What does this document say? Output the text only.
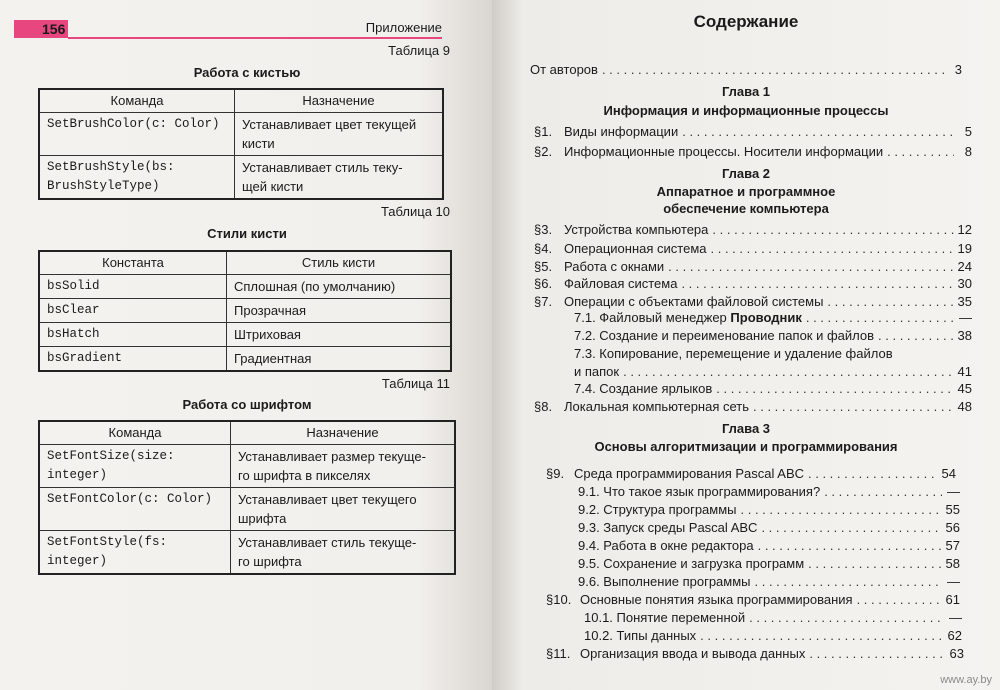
156	Приложение
Таблица 9
Работа с кистью
Команда	Назначение
SetBrushColor(c: Color)	Устанавливает цвет текущей
кисти
SetBrushStyle(bs:
BrushStyleType)	Устанавливает стиль теку-
щей кисти
Таблица 10
Стили кисти
Константа	Стиль кисти
bsSolid	Сплошная (по умолчанию)
bsClear	Прозрачная
bsHatch	Штриховая
bsGradient	Градиентная
Таблица 11
Работа со шрифтом
Команда	Назначение
SetFontSize(size:
integer)	Устанавливает размер текуще-
го шрифта в пикселях
SetFontColor(c: Color)	Устанавливает цвет текущего
шрифта
SetFontStyle(fs:
integer)	Устанавливает стиль текуще-
го шрифта
Содержание
От авторов . . .	3
Глава 1
Информация и информационные процессы
§1. Виды информации . . .	5
§2. Информационные процессы. Носители информации . . .	8
Глава 2
Аппаратное и программное
обеспечение компьютера
§3. Устройства компьютера . . .	12
§4. Операционная система . . .	19
§5. Работа с окнами . . .	24
§6. Файловая система . . .	30
§7. Операции с объектами файловой системы . . .	35
7.1. Файловый менеджер
Проводник . . .	—
7.2. Создание и переименование папок и файлов . . .	38
7.3. Копирование, перемещение и удаление файлов
и папок . . .	41
7.4. Создание ярлыков . . .	45
§8. Локальная компьютерная сеть . . .	48
Глава 3
Основы алгоритмизации и программирования
§9. Среда программирования Pascal ABC . . .	54
9.1. Что такое язык программирования? . . .	—
9.2. Структура программы . . .	55
9.3. Запуск среды Pascal ABC . . .	56
9.4. Работа в окне редактора . . .	57
9.5. Сохранение и загрузка программ . . .	58
9.6. Выполнение программы . . .	—
§10. Основные понятия языка программирования . . .	61
10.1. Понятие переменной . . .	—
10.2. Типы данных . . .	62
§11. Организация ввода и вывода данных . . .	63
www.ay.by
